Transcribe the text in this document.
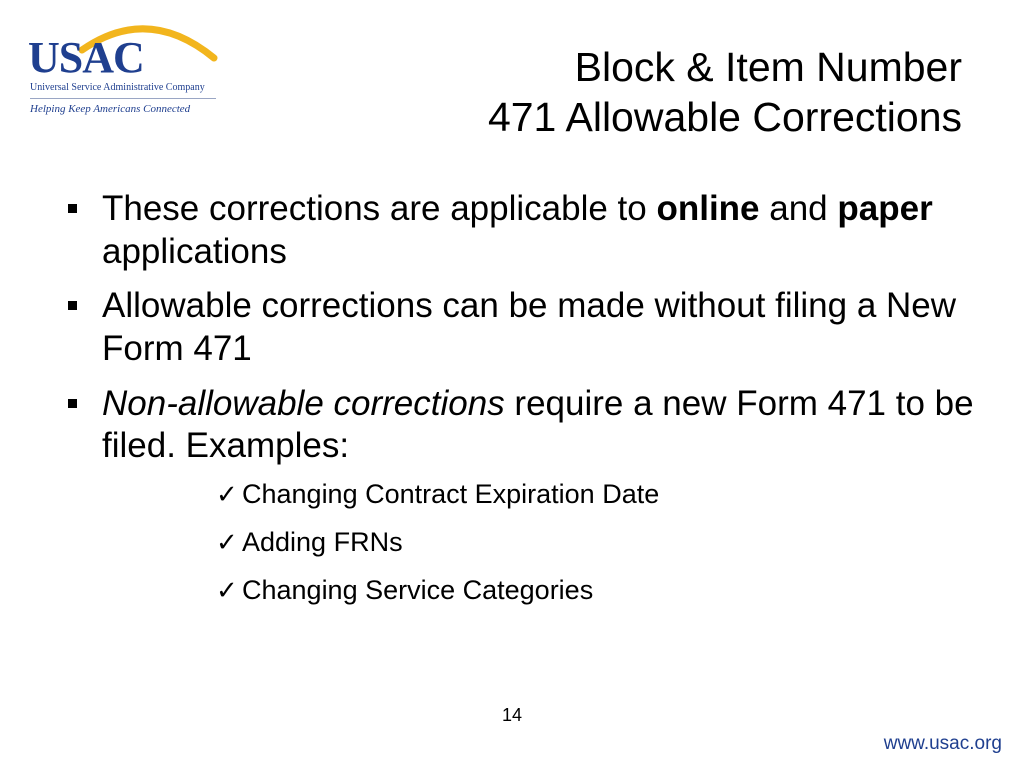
USAC
Universal Service Administrative Company
Helping Keep Americans Connected
Block & Item Number
471 Allowable Corrections
These corrections are applicable to online and paper applications
Allowable corrections can be made without filing a New Form 471
Non-allowable corrections require a new Form 471 to be filed. Examples:
✓ Changing Contract Expiration Date
✓ Adding FRNs
✓ Changing Service Categories
14
www.usac.org
